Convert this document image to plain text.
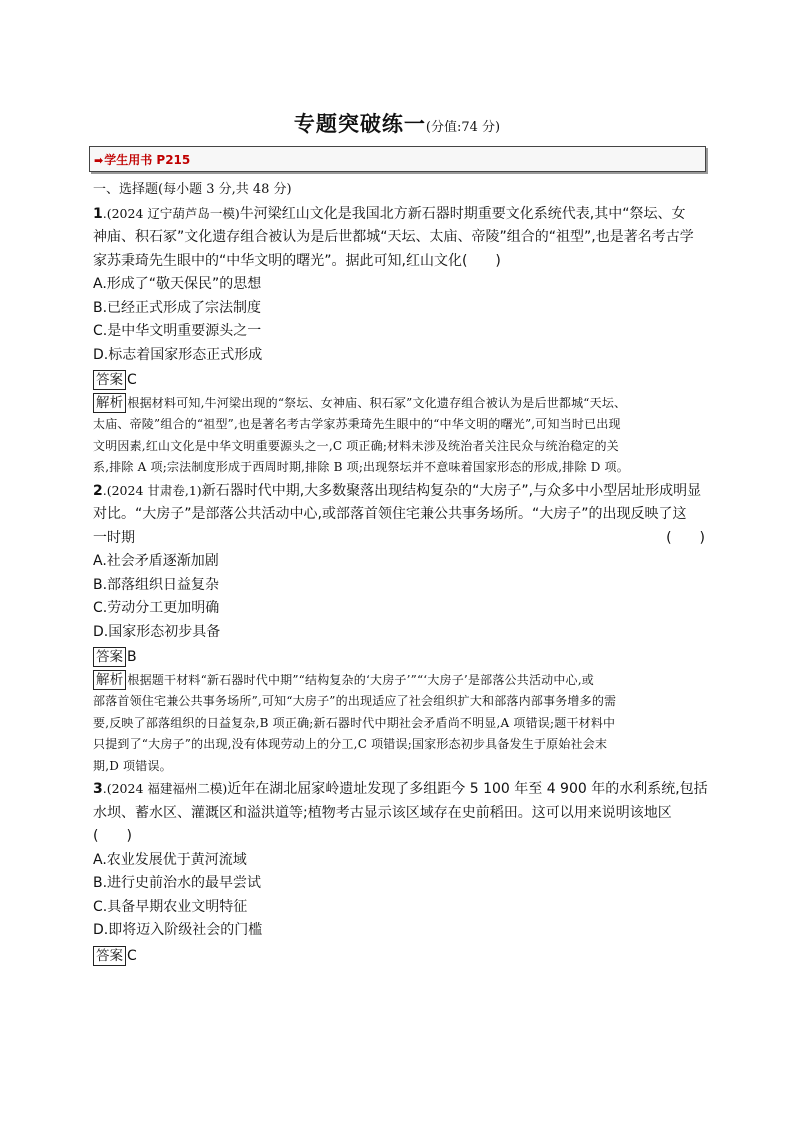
专题突破练一(分值:74 分)
➡学生用书 P215
一、选择题(每小题 3 分,共 48 分)
1.(2024 辽宁葫芦岛一模)牛河梁红山文化是我国北方新石器时期重要文化系统代表,其中“祭坛、女
神庙、积石冢”文化遗存组合被认为是后世都城“天坛、太庙、帝陵”组合的“祖型”,也是著名考古学
家苏秉琦先生眼中的“中华文明的曙光”。据此可知,红山文化(　　)
A.形成了“敬天保民”的思想
B.已经正式形成了宗法制度
C.是中华文明重要源头之一
D.标志着国家形态正式形成
答案 C
解析 根据材料可知,牛河梁出现的“祭坛、女神庙、积石冢”文化遗存组合被认为是后世都城“天坛、
太庙、帝陵”组合的“祖型”,也是著名考古学家苏秉琦先生眼中的“中华文明的曙光”,可知当时已出现
文明因素,红山文化是中华文明重要源头之一,C 项正确;材料未涉及统治者关注民众与统治稳定的关
系,排除 A 项;宗法制度形成于西周时期,排除 B 项;出现祭坛并不意味着国家形态的形成,排除 D 项。
2.(2024 甘肃卷,1)新石器时代中期,大多数聚落出现结构复杂的“大房子”,与众多中小型居址形成明显
对比。“大房子”是部落公共活动中心,或部落首领住宅兼公共事务场所。“大房子”的出现反映了这
一时期	(　　)
A.社会矛盾逐渐加剧
B.部落组织日益复杂
C.劳动分工更加明确
D.国家形态初步具备
答案 B
解析 根据题干材料“新石器时代中期”“结构复杂的‘大房子’”“‘大房子’是部落公共活动中心,或
部落首领住宅兼公共事务场所”,可知“大房子”的出现适应了社会组织扩大和部落内部事务增多的需
要,反映了部落组织的日益复杂,B 项正确;新石器时代中期社会矛盾尚不明显,A 项错误;题干材料中
只提到了“大房子”的出现,没有体现劳动上的分工,C 项错误;国家形态初步具备发生于原始社会末
期,D 项错误。
3.(2024 福建福州二模)近年在湖北屈家岭遗址发现了多组距今 5 100 年至 4 900 年的水利系统,包括
水坝、蓄水区、灌溉区和溢洪道等;植物考古显示该区域存在史前稻田。这可以用来说明该地区
(　　)
A.农业发展优于黄河流域
B.进行史前治水的最早尝试
C.具备早期农业文明特征
D.即将迈入阶级社会的门槛
答案 C
